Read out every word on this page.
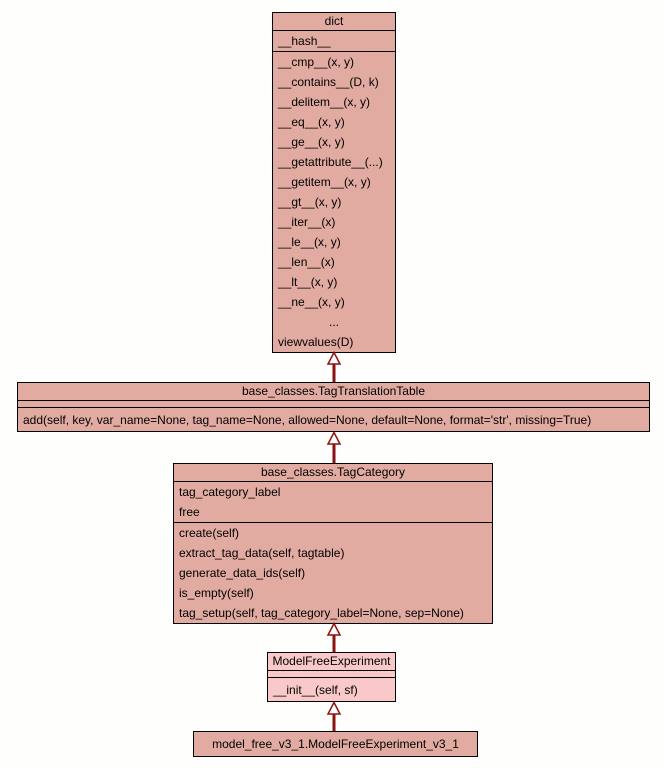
dict
__hash__
__cmp__(x, y)
__contains__(D, k)
__delitem__(x, y)
__eq__(x, y)
__ge__(x, y)
__getattribute__(...)
__getitem__(x, y)
__gt__(x, y)
__iter__(x)
__le__(x, y)
__len__(x)
__lt__(x, y)
__ne__(x, y)
...
viewvalues(D)
base_classes.TagTranslationTable
add(self, key, var_name=None, tag_name=None, allowed=None, default=None, format='str', missing=True)
base_classes.TagCategory
tag_category_label
free
create(self)
extract_tag_data(self, tagtable)
generate_data_ids(self)
is_empty(self)
tag_setup(self, tag_category_label=None, sep=None)
ModelFreeExperiment
__init__(self, sf)
model_free_v3_1.ModelFreeExperiment_v3_1
